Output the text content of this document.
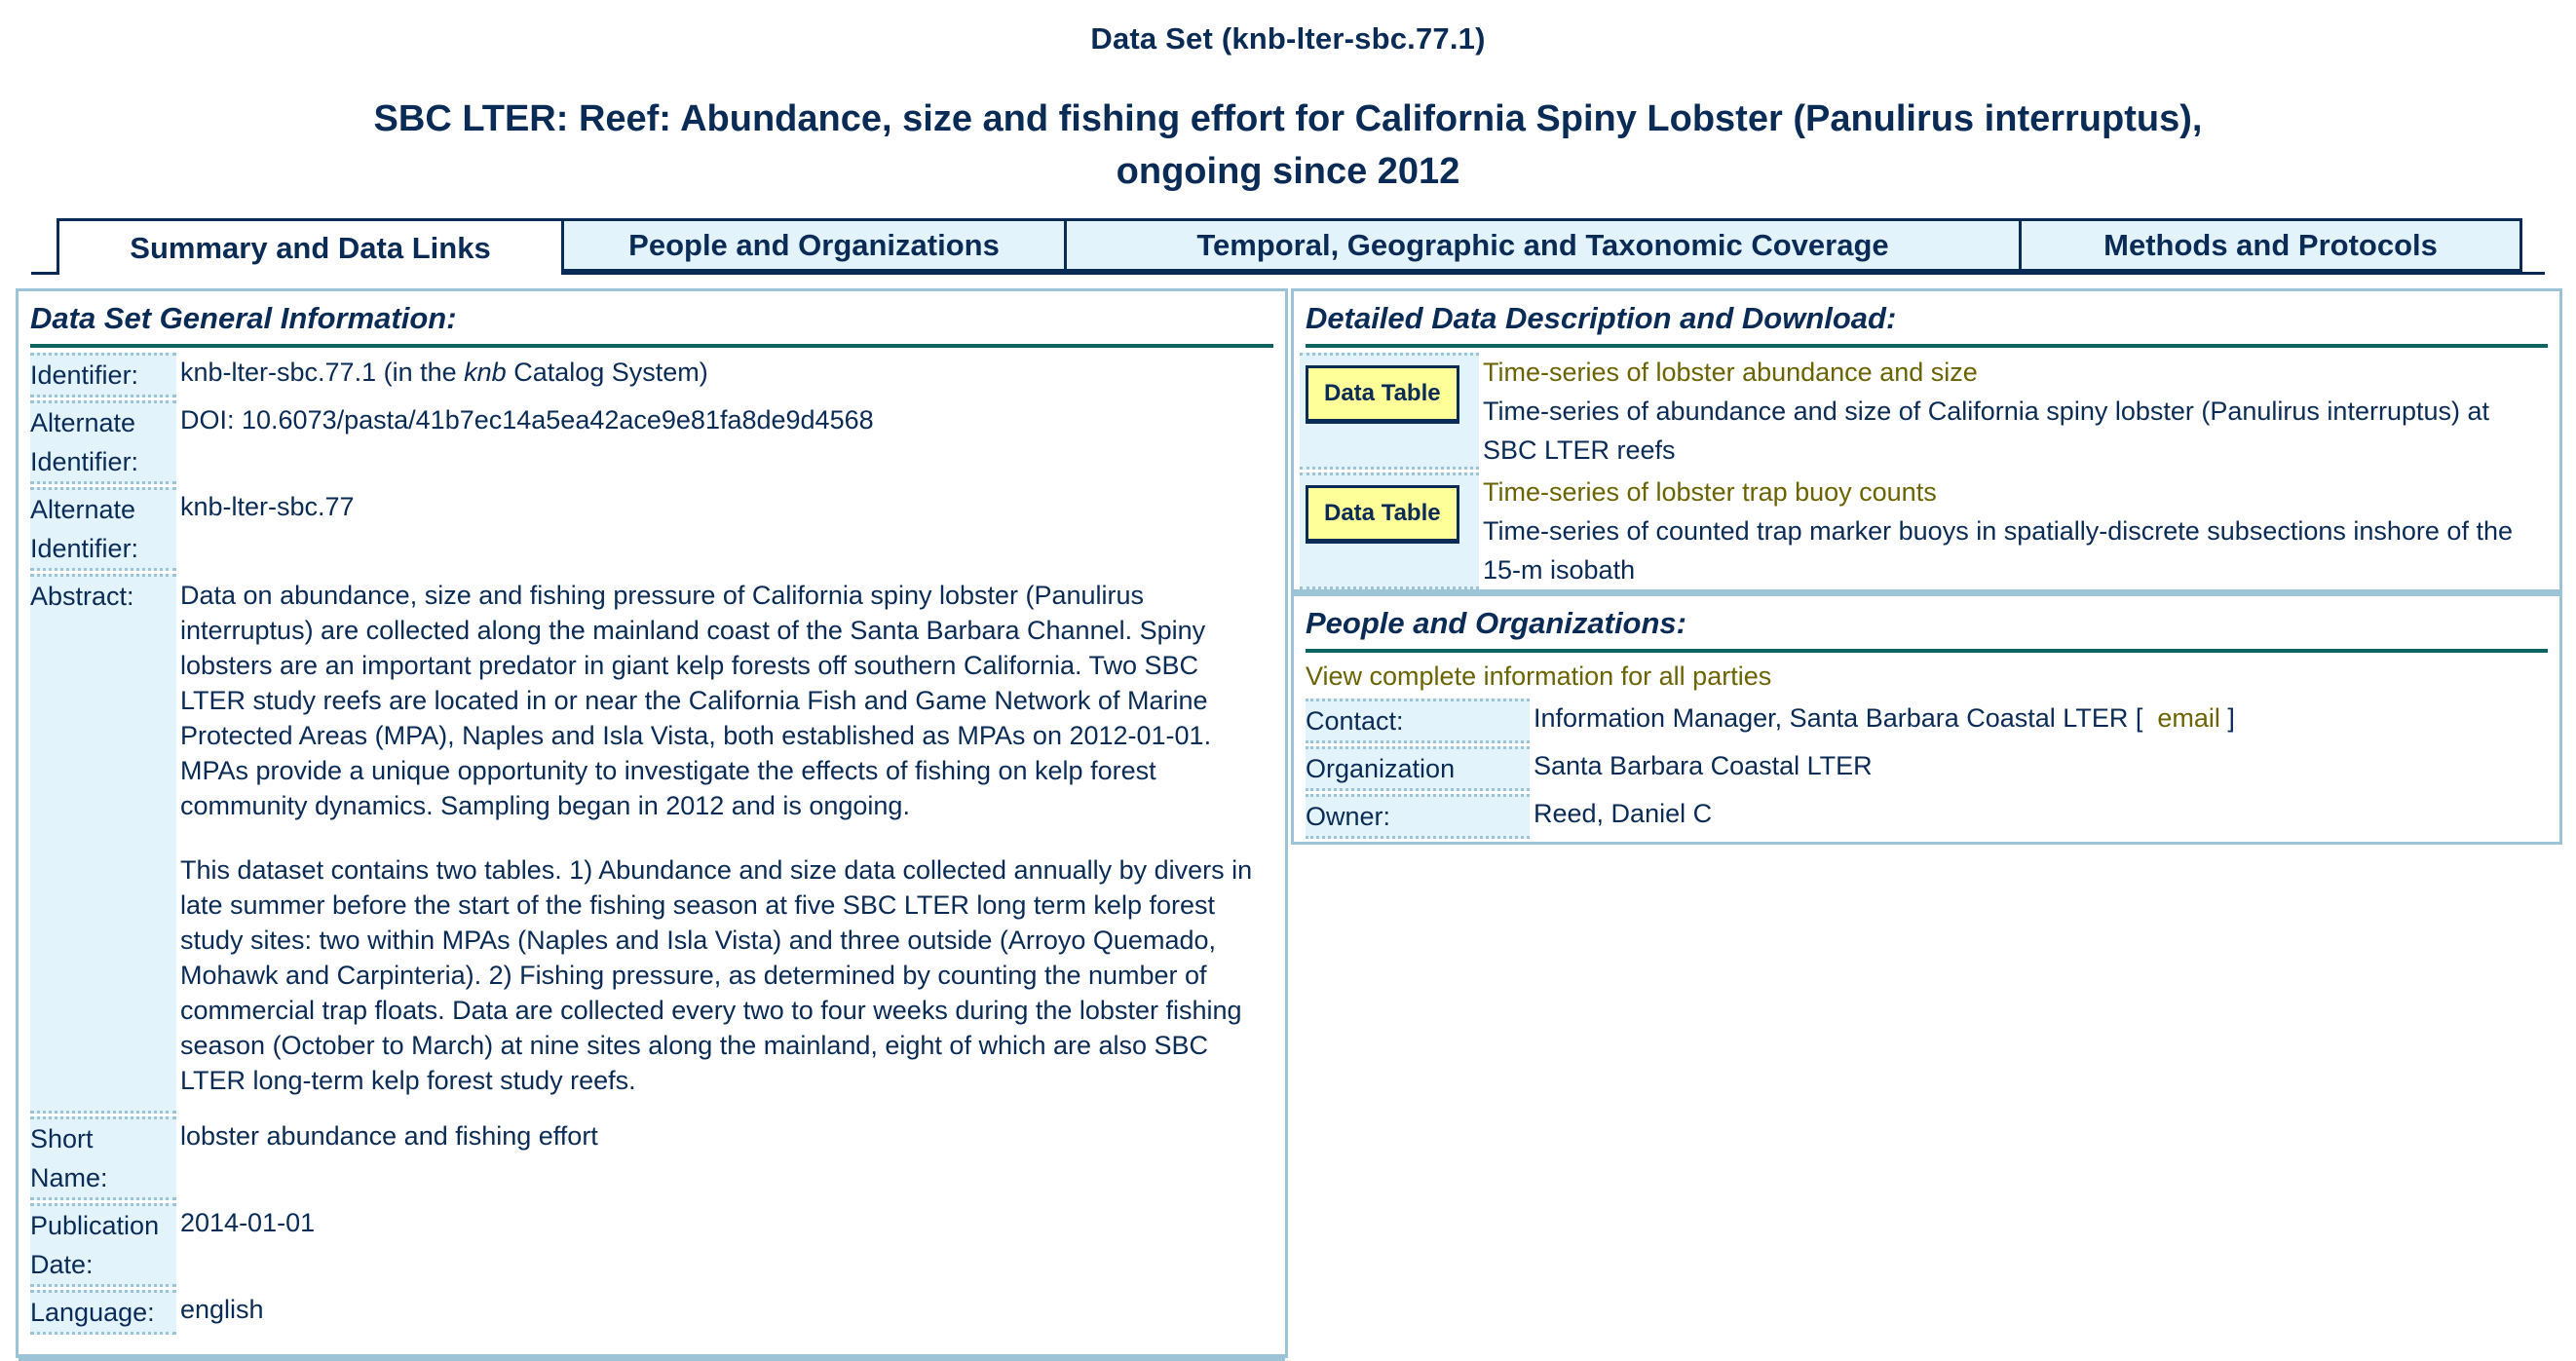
Data Set (knb-lter-sbc.77.1)
SBC LTER: Reef: Abundance, size and fishing effort for California Spiny Lobster (Panulirus interruptus),
ongoing since 2012
Summary and Data Links	People and Organizations	Temporal, Geographic and Taxonomic Coverage	Methods and Protocols
Data Set General Information:
Identifier:	knb-lter-sbc.77.1 (in the knb Catalog System)
Alternate Identifier:	DOI: 10.6073/pasta/41b7ec14a5ea42ace9e81fa8de9d4568
Alternate Identifier:	knb-lter-sbc.77
Abstract:	Data on abundance, size and fishing pressure of California spiny lobster (Panulirus interruptus) are collected along the mainland coast of the Santa Barbara Channel. Spiny lobsters are an important predator in giant kelp forests off southern California. Two SBC LTER study reefs are located in or near the California Fish and Game Network of Marine Protected Areas (MPA), Naples and Isla Vista, both established as MPAs on 2012-01-01. MPAs provide a unique opportunity to investigate the effects of fishing on kelp forest community dynamics. Sampling began in 2012 and is ongoing.

This dataset contains two tables. 1) Abundance and size data collected annually by divers in late summer before the start of the fishing season at five SBC LTER long term kelp forest study sites: two within MPAs (Naples and Isla Vista) and three outside (Arroyo Quemado, Mohawk and Carpinteria). 2) Fishing pressure, as determined by counting the number of commercial trap floats. Data are collected every two to four weeks during the lobster fishing season (October to March) at nine sites along the mainland, eight of which are also SBC LTER long-term kelp forest study reefs.

Short Name:	lobster abundance and fishing effort
Publication Date:	2014-01-01
Language:	english
Detailed Data Description and Download:
Data Table	Time-series of lobster abundance and size
Time-series of abundance and size of California spiny lobster (Panulirus interruptus) at SBC LTER reefs

Data Table	Time-series of lobster trap buoy counts
Time-series of counted trap marker buoys in spatially-discrete subsections inshore of the 15-m isobath
People and Organizations:
View complete information for all parties
Contact:	Information Manager, Santa Barbara Coastal LTER [ email ]
Organization	Santa Barbara Coastal LTER
Owner:	Reed, Daniel C
